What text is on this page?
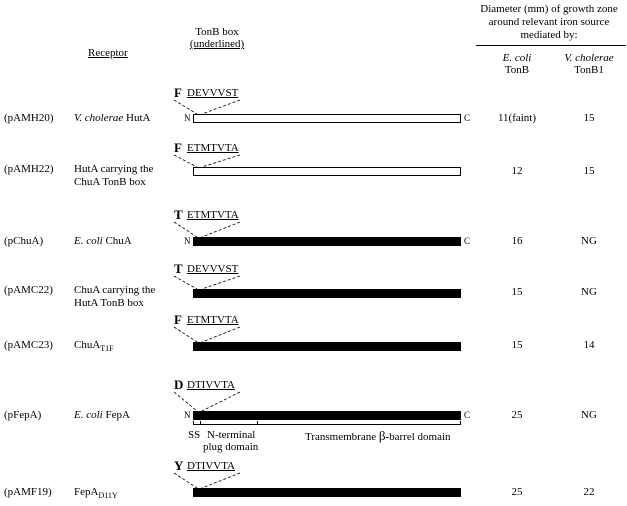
Receptor
TonB box
(underlined)
Diameter (mm) of growth zone
around relevant iron source
mediated by:
E. coli
TonB
V. cholerae
TonB1
(pAMH20) V. cholerae HutA
F DEVVVST
N	C	11(faint)	15
(pAMH22) HutA carrying the
ChuA TonB box
F ETMTVTA
12	15
(pChuA)	E. coli ChuA
T ETMTVTA
N	C	16	NG
(pAMC22) ChuA carrying the
HutA TonB box
T DEVVVST
15	NG
(pAMC23) ChuA$_{T1F}$
F ETMTVTA
15	14
(pFepA)	E. coli FepA
D DTIVVTA
N	C	25	NG
SS N-terminal
plug domain
Transmembrane β-barrel domain
(pAMF19) FepA$_{D11Y}$
Y DTIVVTA
25	22
